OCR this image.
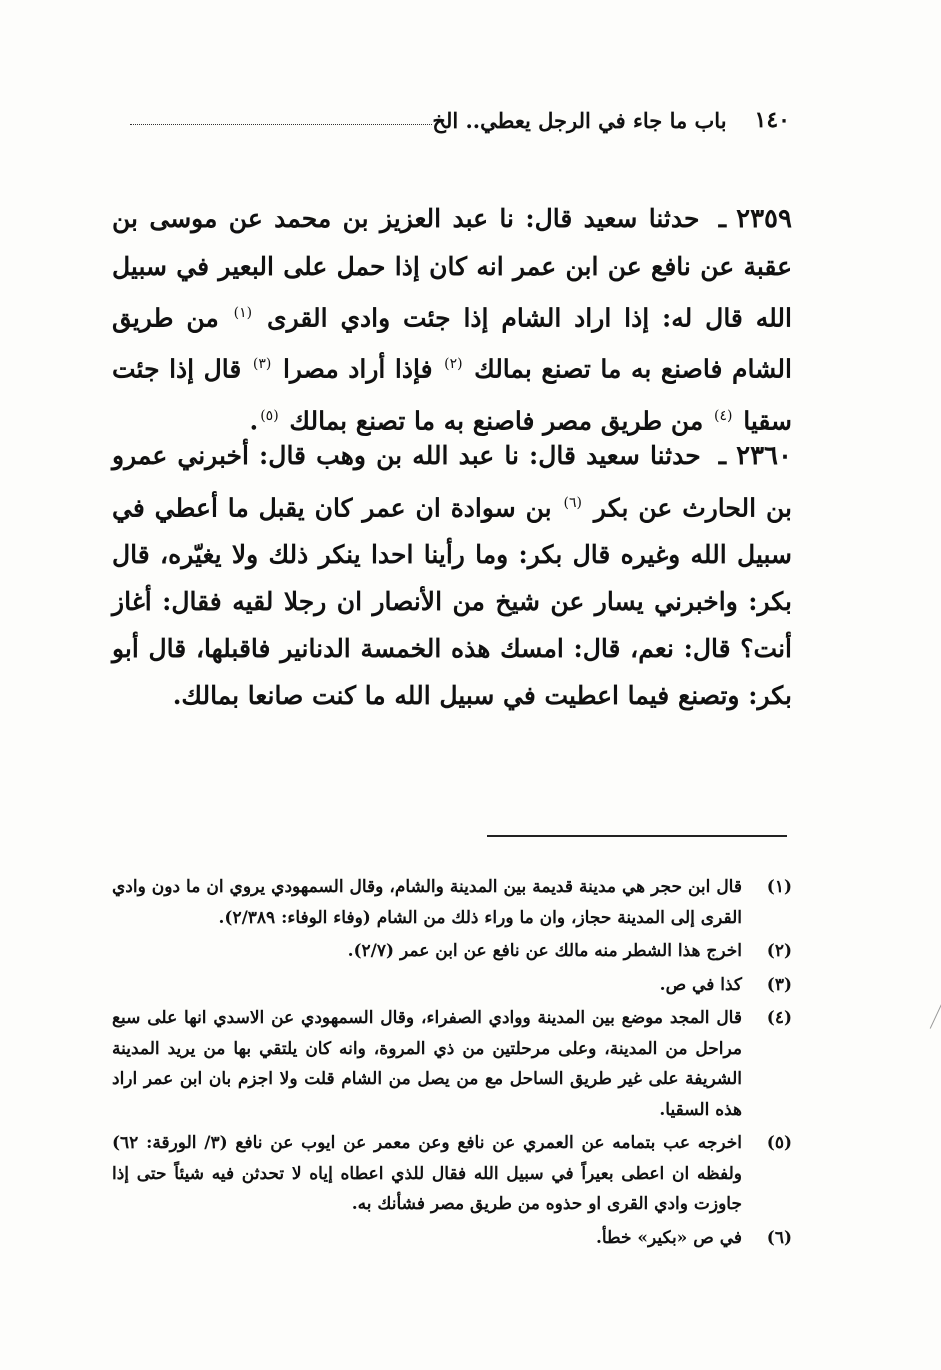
١٤٠
باب ما جاء في الرجل يعطي.. الخ
٢٣٥٩ـ حدثنا سعيد قال: نا عبد العزيز بن محمد عن موسى بن عقبة عن نافع عن ابن عمر انه كان إذا حمل على البعير في سبيل الله قال له: إذا اراد الشام إذا جئت وادي القرى $^{(١)}$ من طريق الشام فاصنع به ما تصنع بمالك $^{(٢)}$ فإذا أراد مصرا $^{(٣)}$ قال إذا جئت سقيا $^{(٤)}$ من طريق مصر فاصنع به ما تصنع بمالك $^{(٥)}$.
٢٣٦٠ـ حدثنا سعيد قال: نا عبد الله بن وهب قال: أخبرني عمرو بن الحارث عن بكر $^{(٦)}$ بن سوادة ان عمر كان يقبل ما أعطي في سبيل الله وغيره قال بكر: وما رأينا احدا ينكر ذلك ولا يغيّره، قال بكر: واخبرني يسار عن شيخ من الأنصار ان رجلا لقيه فقال: أغاز أنت؟ قال: نعم، قال: امسك هذه الخمسة الدنانير فاقبلها، قال أبو بكر: وتصنع فيما اعطيت في سبيل الله ما كنت صانعا بمالك.
(١)
قال ابن حجر هي مدينة قديمة بين المدينة والشام، وقال السمهودي يروي ان ما دون وادي القرى إلى المدينة حجاز، وان ما وراء ذلك من الشام (وفاء الوفاء: ٢/٣٨٩).
(٢)
اخرج هذا الشطر منه مالك عن نافع عن ابن عمر (٢/٧).
(٣)
كذا في ص.
(٤)
قال المجد موضع بين المدينة ووادي الصفراء، وقال السمهودي عن الاسدي انها على سبع مراحل من المدينة، وعلى مرحلتين من ذي المروة، وانه كان يلتقي بها من يريد المدينة الشريفة على غير طريق الساحل مع من يصل من الشام قلت ولا اجزم بان ابن عمر اراد هذه السقيا.
(٥)
اخرجه عب بتمامه عن العمري عن نافع وعن معمر عن ايوب عن نافع (٣/ الورقة: ٦٢) ولفظه ان اعطى بعيراً في سبيل الله فقال للذي اعطاه إياه لا تحدثن فيه شيئاً حتى إذا جاوزت وادي القرى او حذوه من طريق مصر فشأنك به.
(٦)
في ص «بكير» خطأ.
